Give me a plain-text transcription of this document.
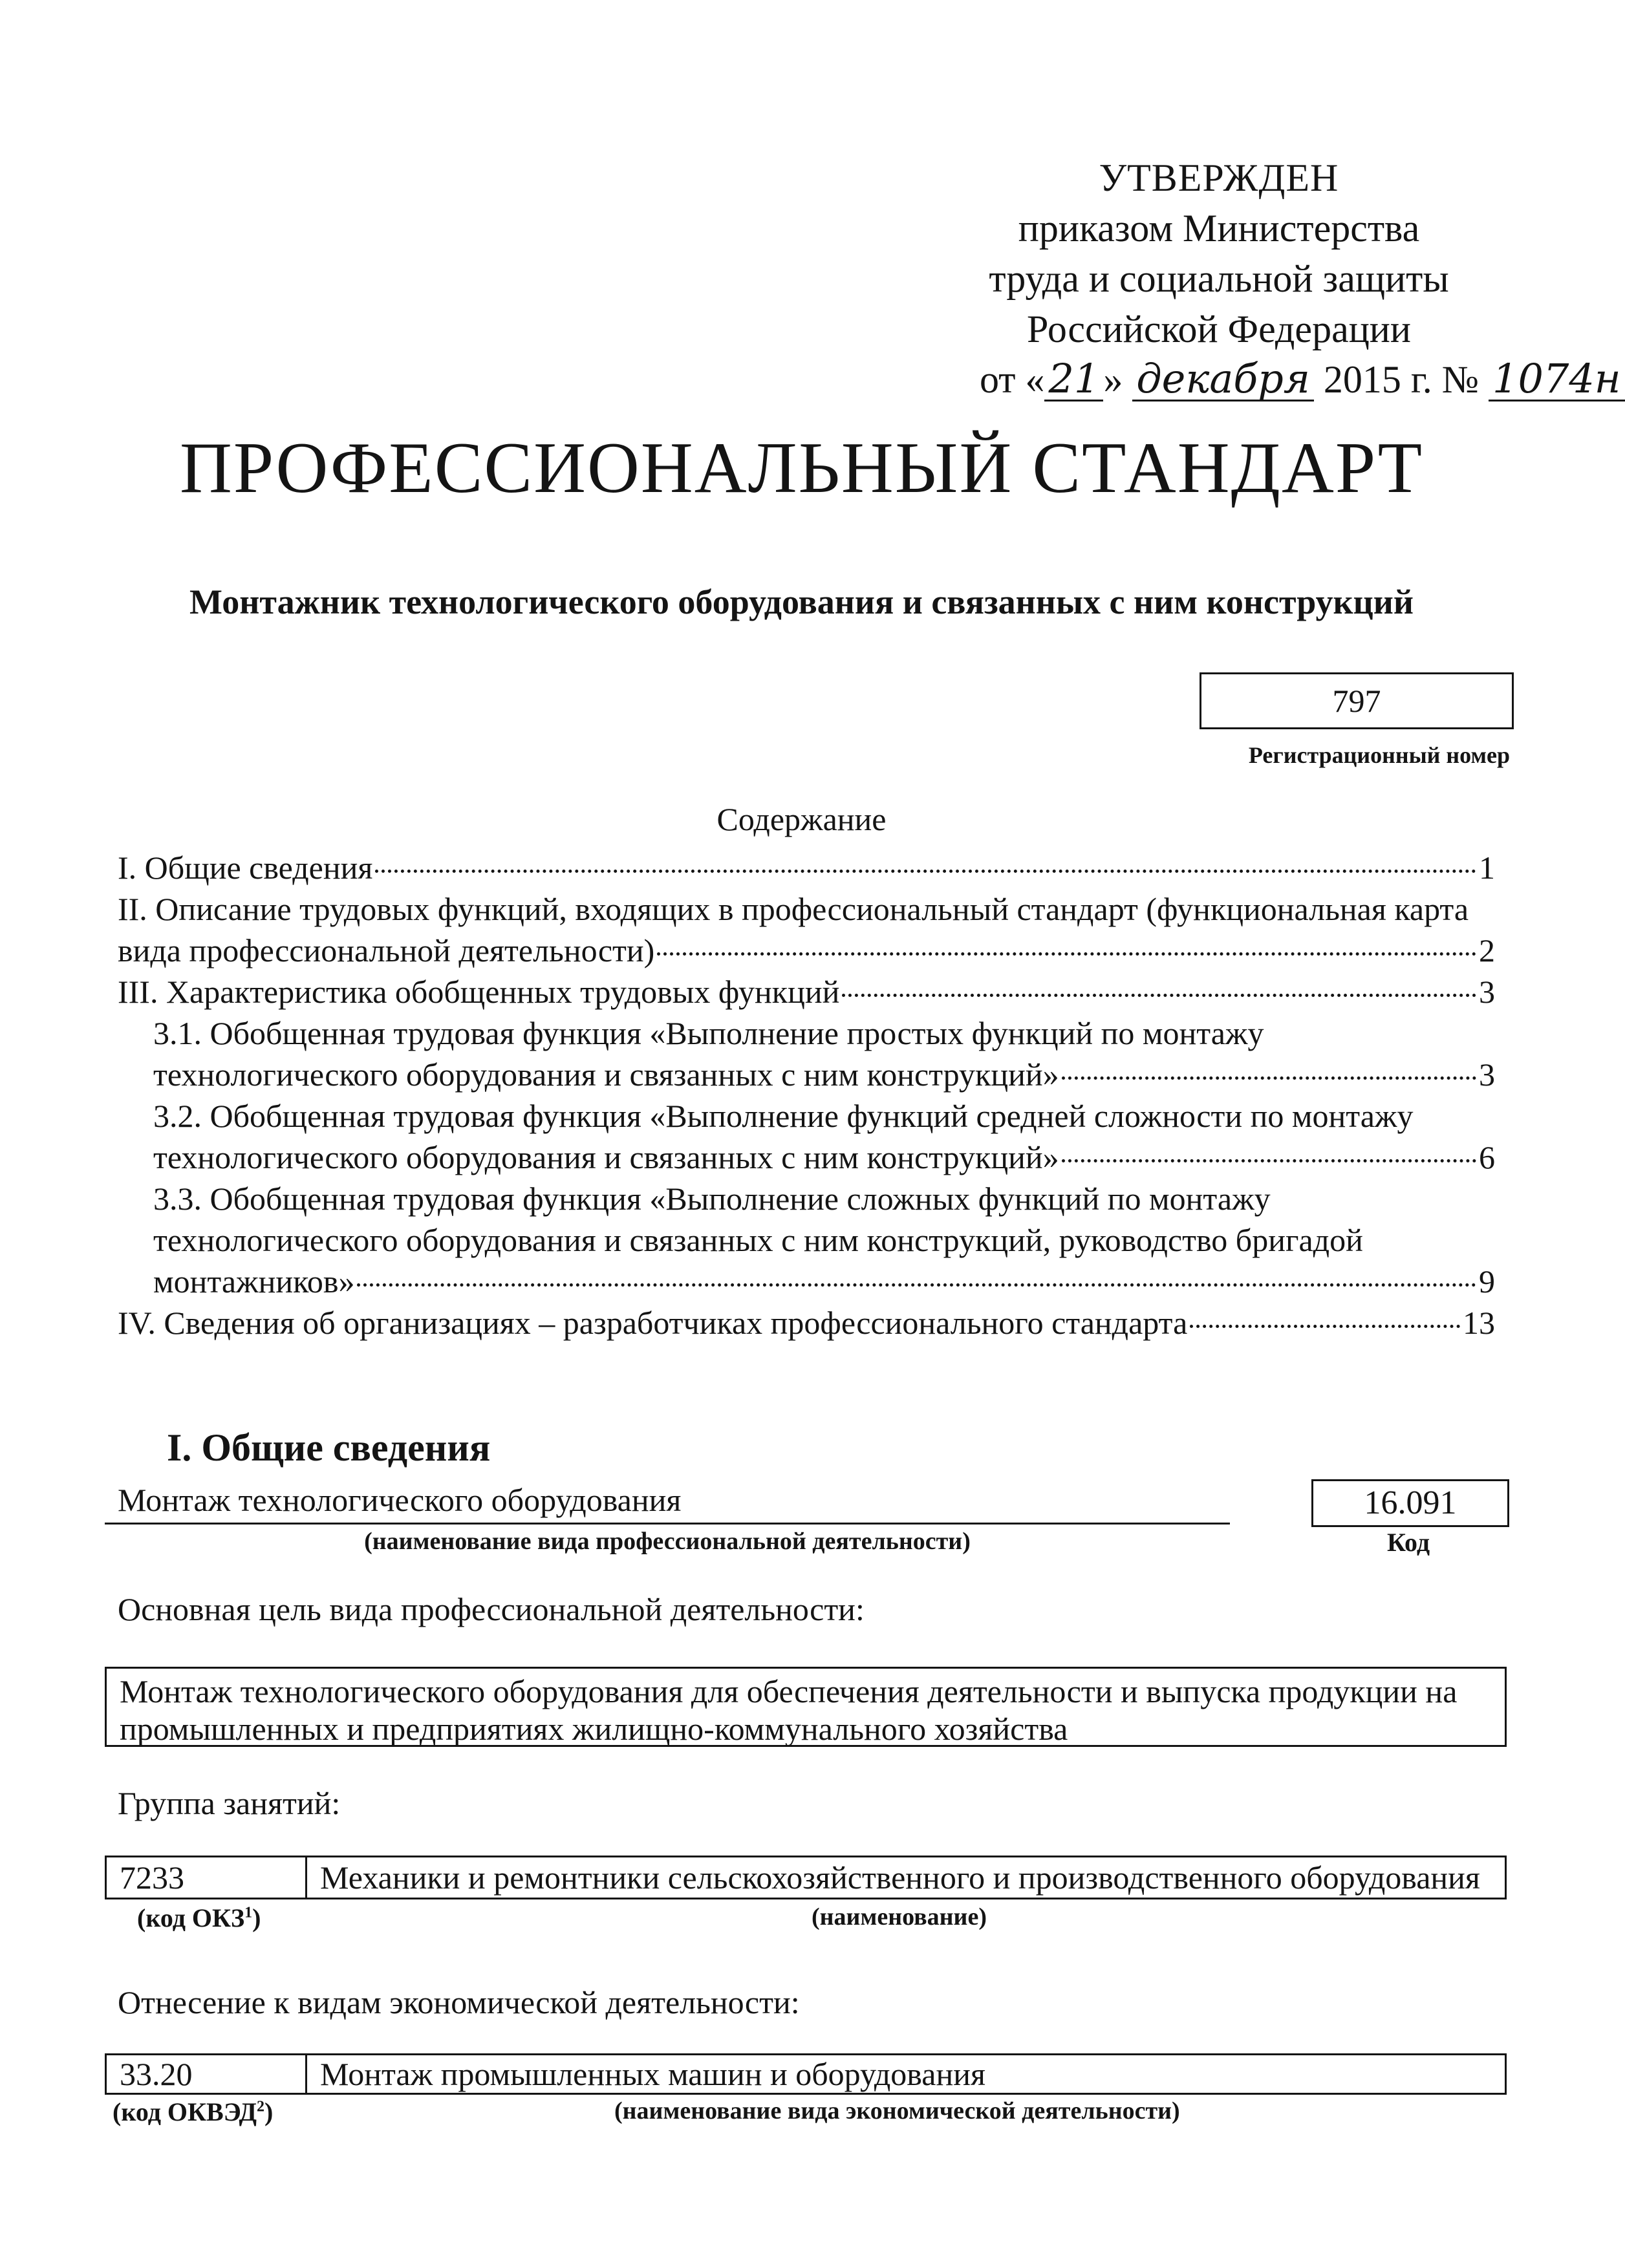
УТВЕРЖДЕН
приказом Министерства
труда и социальной защиты
Российской Федерации
от «21 » декабря 2015 г. № 1074н
ПРОФЕССИОНАЛЬНЫЙ СТАНДАРТ
Монтажник технологического оборудования и связанных с ним конструкций
797
Регистрационный номер
Содержание
I. Общие сведения	1
II. Описание трудовых функций, входящих в профессиональный стандарт (функциональная карта
вида профессиональной деятельности)	2
III. Характеристика обобщенных трудовых функций	3
3.1. Обобщенная трудовая функция «Выполнение простых функций по монтажу
технологического оборудования и связанных с ним конструкций»	3
3.2. Обобщенная трудовая функция «Выполнение функций средней сложности по монтажу
технологического оборудования и связанных с ним конструкций»	6
3.3. Обобщенная трудовая функция «Выполнение сложных функций по монтажу
технологического оборудования и связанных с ним конструкций, руководство бригадой
монтажников»	9
IV. Сведения об организациях – разработчиках профессионального стандарта	13
I. Общие сведения
Монтаж технологического оборудования
(наименование вида профессиональной деятельности)
16.091
Код
Основная цель вида профессиональной деятельности:
Монтаж технологического оборудования для обеспечения деятельности и выпуска продукции на
промышленных и предприятиях жилищно-коммунального хозяйства
Группа занятий:
7233	Механики и ремонтники сельскохозяйственного и производственного оборудования
(код ОКЗ$^1$)	(наименование)
Отнесение к видам экономической деятельности:
33.20	Монтаж промышленных машин и оборудования
(код ОКВЭД$^2$)	(наименование вида экономической деятельности)
